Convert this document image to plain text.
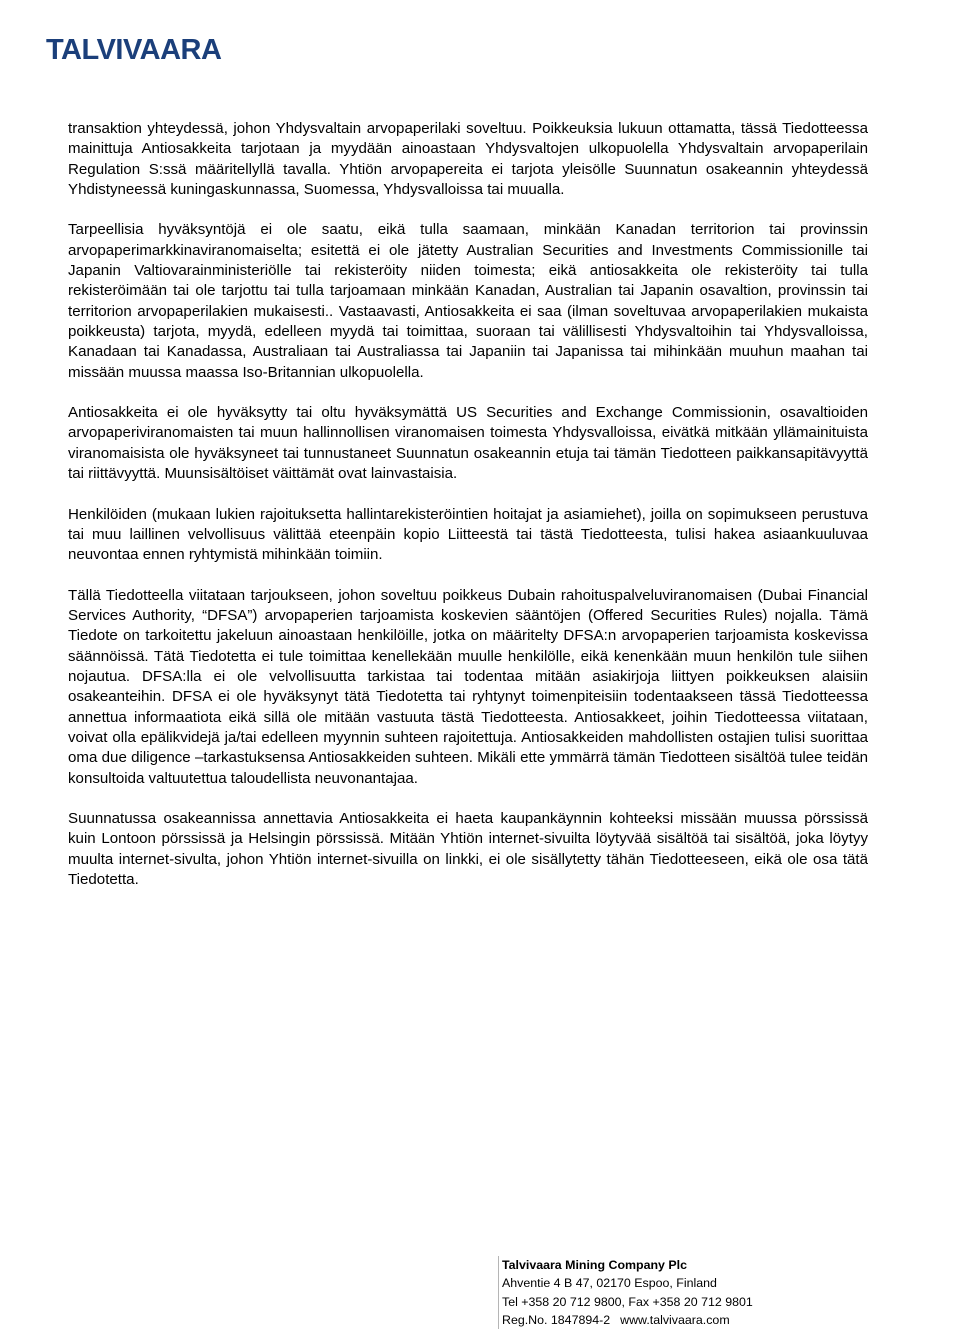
TALVIVAARA

transaktion yhteydessä, johon Yhdysvaltain arvopaperilaki soveltuu. Poikkeuksia lukuun ottamatta, tässä Tiedotteessa mainittuja Antiosakkeita tarjotaan ja myydään ainoastaan Yhdysvaltojen ulkopuolella Yhdysvaltain arvopaperilain Regulation S:ssä määritellyllä tavalla. Yhtiön arvopapereita ei tarjota yleisölle Suunnatun osakeannin yhteydessä Yhdistyneessä kuningaskunnassa, Suomessa, Yhdysvalloissa tai muualla.

Tarpeellisia hyväksyntöjä ei ole saatu, eikä tulla saamaan, minkään Kanadan territorion tai provinssin arvopaperimarkkinaviranomaiselta; esitettä ei ole jätetty Australian Securities and Investments Commissionille tai Japanin Valtiovarainministeriölle tai rekisteröity niiden toimesta; eikä antiosakkeita ole rekisteröity tai tulla rekisteröimään tai ole tarjottu tai tulla tarjoamaan minkään Kanadan, Australian tai Japanin osavaltion, provinssin tai territorion arvopaperilakien mukaisesti.. Vastaavasti, Antiosakkeita ei saa (ilman soveltuvaa arvopaperilakien mukaista poikkeusta) tarjota, myydä, edelleen myydä tai toimittaa, suoraan tai välillisesti Yhdysvaltoihin tai Yhdysvalloissa, Kanadaan tai Kanadassa, Australiaan tai Australiassa tai Japaniin tai Japanissa tai mihinkään muuhun maahan tai missään muussa maassa Iso-Britannian ulkopuolella.

Antiosakkeita ei ole hyväksytty tai oltu hyväksymättä US Securities and Exchange Commissionin, osavaltioiden arvopaperiviranomaisten tai muun hallinnollisen viranomaisen toimesta Yhdysvalloissa, eivätkä mitkään yllämainituista viranomaisista ole hyväksyneet tai tunnustaneet Suunnatun osakeannin etuja tai tämän Tiedotteen paikkansapitävyyttä tai riittävyyttä. Muunsisältöiset väittämät ovat lainvastaisia.

Henkilöiden (mukaan lukien rajoituksetta hallintarekisteröintien hoitajat ja asiamiehet), joilla on sopimukseen perustuva tai muu laillinen velvollisuus välittää eteenpäin kopio Liitteestä tai tästä Tiedotteesta, tulisi hakea asiaankuuluvaa neuvontaa ennen ryhtymistä mihinkään toimiin.

Tällä Tiedotteella viitataan tarjoukseen, johon soveltuu poikkeus Dubain rahoituspalveluviranomaisen (Dubai Financial Services Authority, “DFSA”) arvopaperien tarjoamista koskevien sääntöjen (Offered Securities Rules) nojalla. Tämä Tiedote on tarkoitettu jakeluun ainoastaan henkilöille, jotka on määritelty DFSA:n arvopaperien tarjoamista koskevissa säännöissä. Tätä Tiedotetta ei tule toimittaa kenellekään muulle henkilölle, eikä kenenkään muun henkilön tule siihen nojautua. DFSA:lla ei ole velvollisuutta tarkistaa tai todentaa mitään asiakirjoja liittyen poikkeuksen alaisiin osakeanteihin. DFSA ei ole hyväksynyt tätä Tiedotetta tai ryhtynyt toimenpiteisiin todentaakseen tässä Tiedotteessa annettua informaatiota eikä sillä ole mitään vastuuta tästä Tiedotteesta. Antiosakkeet, joihin Tiedotteessa viitataan, voivat olla epälikvidejä ja/tai edelleen myynnin suhteen rajoitettuja. Antiosakkeiden mahdollisten ostajien tulisi suorittaa oma due diligence –tarkastuksensa Antiosakkeiden suhteen. Mikäli ette ymmärrä tämän Tiedotteen sisältöä tulee teidän konsultoida valtuutettua taloudellista neuvonantajaa.

Suunnatussa osakeannissa annettavia Antiosakkeita ei haeta kaupankäynnin kohteeksi missään muussa pörssissä kuin Lontoon pörssissä ja Helsingin pörssissä. Mitään Yhtiön internet-sivuilta löytyvää sisältöä tai sisältöä, joka löytyy muulta internet-sivulta, johon Yhtiön internet-sivuilla on linkki, ei ole sisällytetty tähän Tiedotteeseen, eikä ole osa tätä Tiedotetta.

Talvivaara Mining Company Plc
Ahventie 4 B 47, 02170 Espoo, Finland
Tel +358 20 712 9800, Fax +358 20 712 9801
Reg.No. 1847894-2 www.talvivaara.com
